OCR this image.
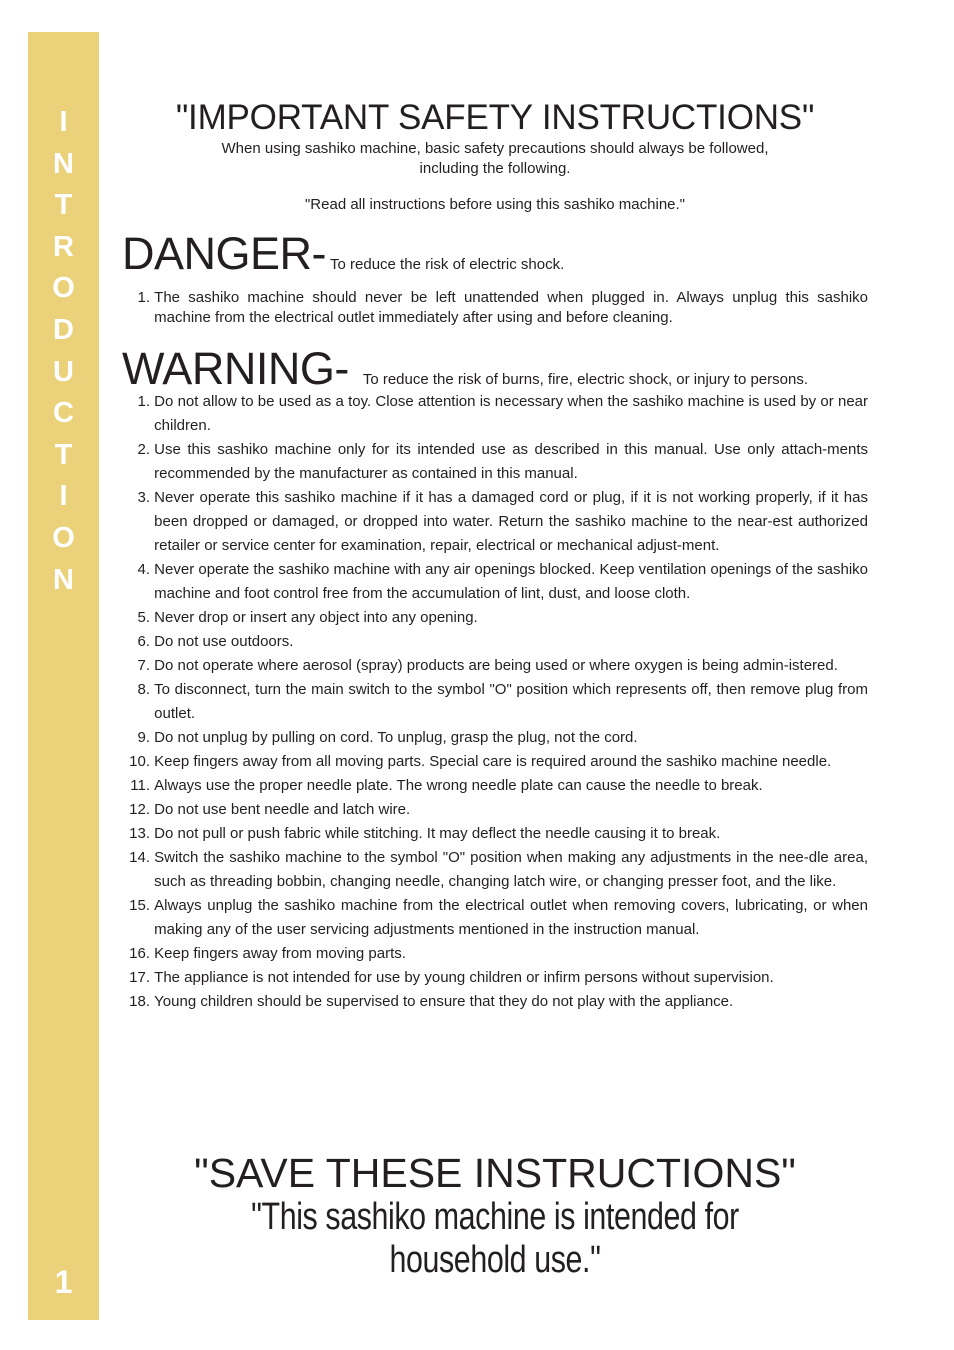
I
N
T
R
O
D
U
C
T
I
O
N
1
"IMPORTANT SAFETY INSTRUCTIONS"

When using sashiko machine, basic safety precautions should always be followed,
including the following.

"Read all instructions before using this sashiko machine."

DANGER- To reduce the risk of electric shock.

1.
The sashiko machine should never be left unattended when plugged in. Always unplug this sashiko machine from the electrical outlet immediately after using and before cleaning.

WARNING- To reduce the risk of burns, fire, electric shock, or injury to persons.

1.
Do not allow to be used as a toy. Close attention is necessary when the sashiko machine is used by or near children.
2.
Use this sashiko machine only for its intended use as described in this manual. Use only attach-ments recommended by the manufacturer as contained in this manual.
3.
Never operate this sashiko machine if it has a damaged cord or plug, if it is not working properly, if it has been dropped or damaged, or dropped into water. Return the sashiko machine to the near-est authorized retailer or service center for examination, repair, electrical or mechanical adjust-ment.
4.
Never operate the sashiko machine with any air openings blocked. Keep ventilation openings of the sashiko machine and foot control free from the accumulation of lint, dust, and loose cloth.
5.
Never drop or insert any object into any opening.
6.
Do not use outdoors.
7.
Do not operate where aerosol (spray) products are being used or where oxygen is being admin-istered.
8.
To disconnect, turn the main switch to the symbol "O" position which represents off, then remove plug from outlet.
9.
Do not unplug by pulling on cord. To unplug, grasp the plug, not the cord.
10.
Keep fingers away from all moving parts. Special care is required around the sashiko machine needle.
11.
Always use the proper needle plate. The wrong needle plate can cause the needle to break.
12.
Do not use bent needle and latch wire.
13.
Do not pull or push fabric while stitching. It may deflect the needle causing it to break.
14.
Switch the sashiko machine to the symbol "O" position when making any adjustments in the nee-dle area, such as threading bobbin, changing needle, changing latch wire, or changing presser foot, and the like.
15.
Always unplug the sashiko machine from the electrical outlet when removing covers, lubricating, or when making any of the user servicing adjustments mentioned in the instruction manual.
16.
Keep fingers away from moving parts.
17.
The appliance is not intended for use by young children or infirm persons without supervision.
18.
Young children should be supervised to ensure that they do not play with the appliance.
"SAVE THESE INSTRUCTIONS"

"This sashiko machine is intended for household use."
